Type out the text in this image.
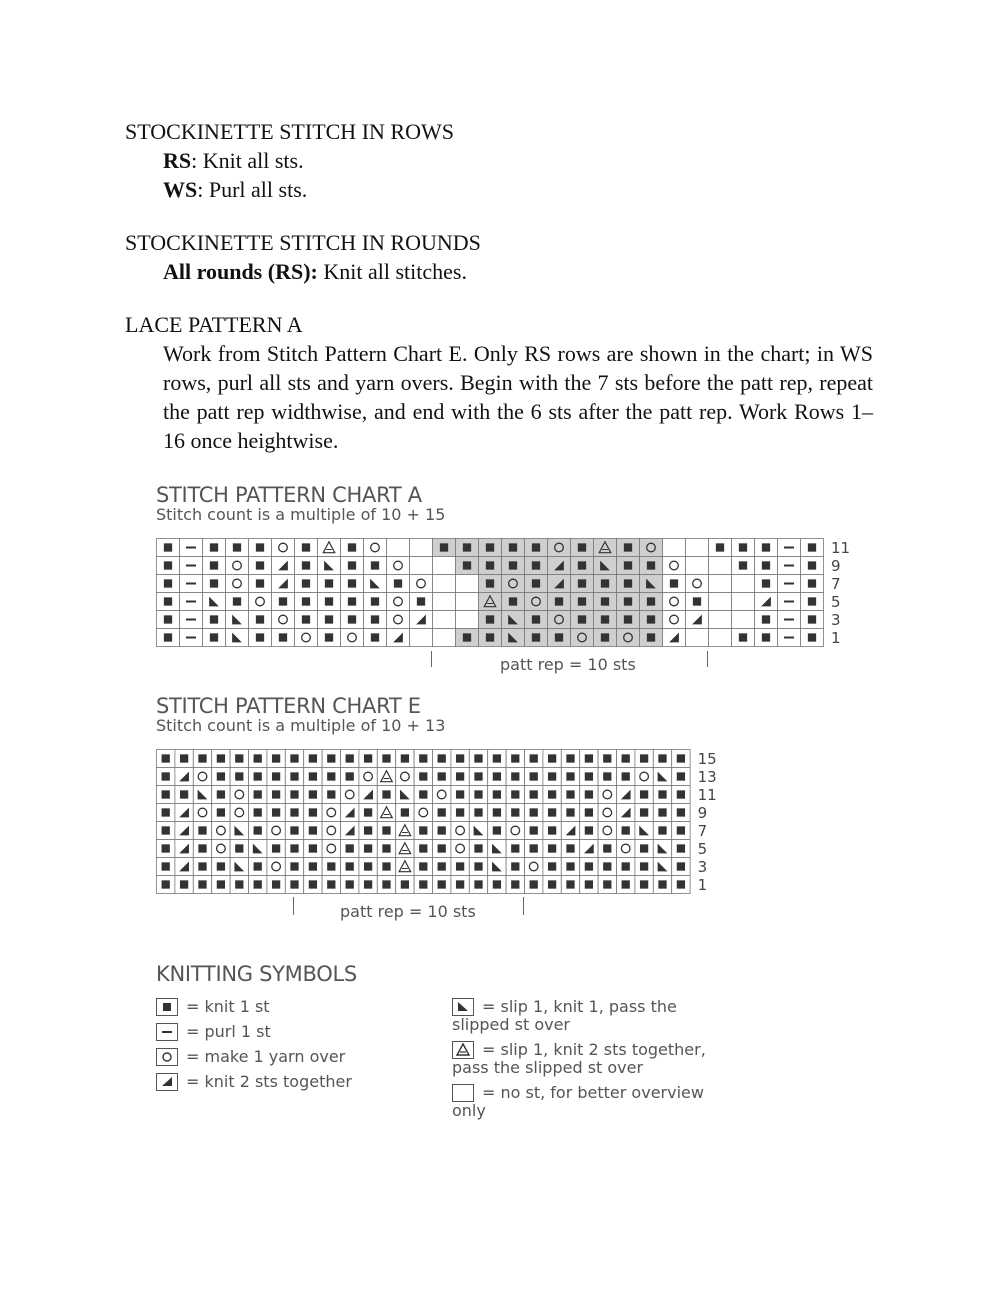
STOCKINETTE STITCH IN ROWS

RS: Knit all sts.

WS: Purl all sts.

STOCKINETTE STITCH IN ROUNDS

All rounds (RS): Knit all stitches.

LACE PATTERN A

Work from Stitch Pattern Chart E. Only RS rows are shown in the chart; in WS rows, purl all sts and yarn overs. Begin with the 7 sts before the patt rep, repeat the patt rep widthwise, and end with the 6 sts after the patt rep. Work Rows 1–16 once heightwise.

STITCH PATTERN CHART A
Stitch count is a multiple of 10 + 15
11
9
7
5
3
1
patt rep = 10 sts
STITCH PATTERN CHART E
Stitch count is a multiple of 10 + 13
15
13
11
9
7
5
3
1
patt rep = 10 sts
KNITTING SYMBOLS
= knit 1 st
= purl 1 st
= make 1 yarn over
= knit 2 sts together
= slip 1, knit 1, pass the slipped st over
= slip 1, knit 2 sts together, pass the slipped st over
= no st, for better overview only
